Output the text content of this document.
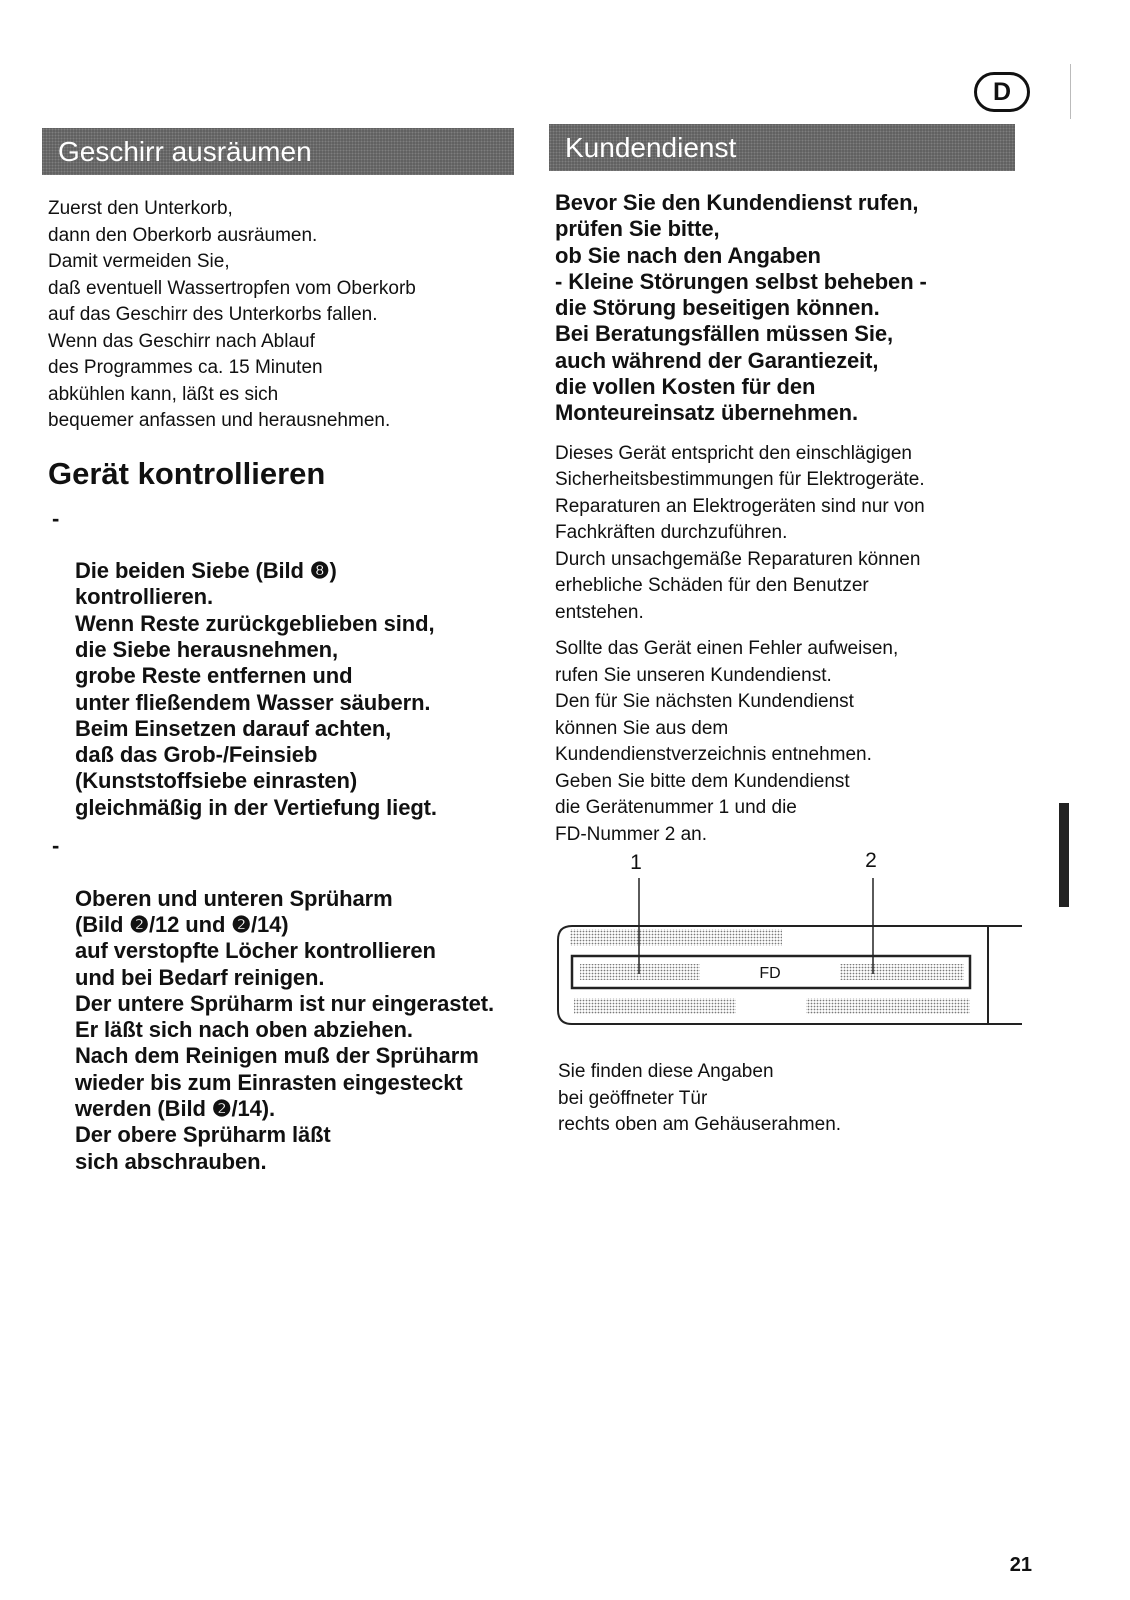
D
Geschirr ausräumen

Zuerst den Unterkorb,
dann den Oberkorb ausräumen.
Damit vermeiden Sie,
daß eventuell Wassertropfen vom Oberkorb
auf das Geschirr des Unterkorbs fallen.
Wenn das Geschirr nach Ablauf
des Programmes ca. 15 Minuten
abkühlen kann, läßt es sich
bequemer anfassen und herausnehmen.

Gerät kontrollieren

-

Die beiden Siebe (Bild ❽)
kontrollieren.
Wenn Reste zurückgeblieben sind,
die Siebe herausnehmen,
grobe Reste entfernen und
unter fließendem Wasser säubern.
Beim Einsetzen darauf achten,
daß das Grob-/Feinsieb
(Kunststoffsiebe einrasten)
gleichmäßig in der Vertiefung liegt.

-

Oberen und unteren Sprüharm
(Bild ❷/12 und ❷/14)
auf verstopfte Löcher kontrollieren
und bei Bedarf reinigen.
Der untere Sprüharm ist nur eingerastet.
Er läßt sich nach oben abziehen.
Nach dem Reinigen muß der Sprüharm
wieder bis zum Einrasten eingesteckt
werden (Bild ❷/14).
Der obere Sprüharm läßt
sich abschrauben.

Kundendienst

Bevor Sie den Kundendienst rufen,
prüfen Sie bitte,
ob Sie nach den Angaben
- Kleine Störungen selbst beheben -
die Störung beseitigen können.
Bei Beratungsfällen müssen Sie,
auch während der Garantiezeit,
die vollen Kosten für den
Monteureinsatz übernehmen.

Dieses Gerät entspricht den einschlägigen
Sicherheitsbestimmungen für Elektrogeräte.
Reparaturen an Elektrogeräten sind nur von
Fachkräften durchzuführen.
Durch unsachgemäße Reparaturen können
erhebliche Schäden für den Benutzer
entstehen.

Sollte das Gerät einen Fehler aufweisen,
rufen Sie unseren Kundendienst.
Den für Sie nächsten Kundendienst
können Sie aus dem
Kundendienstverzeichnis entnehmen.
Geben Sie bitte dem Kundendienst
die Gerätenummer 1 und die
FD-Nummer 2 an.

FD
1	2

Sie finden diese Angaben
bei geöffneter Tür
rechts oben am Gehäuserahmen.

21
